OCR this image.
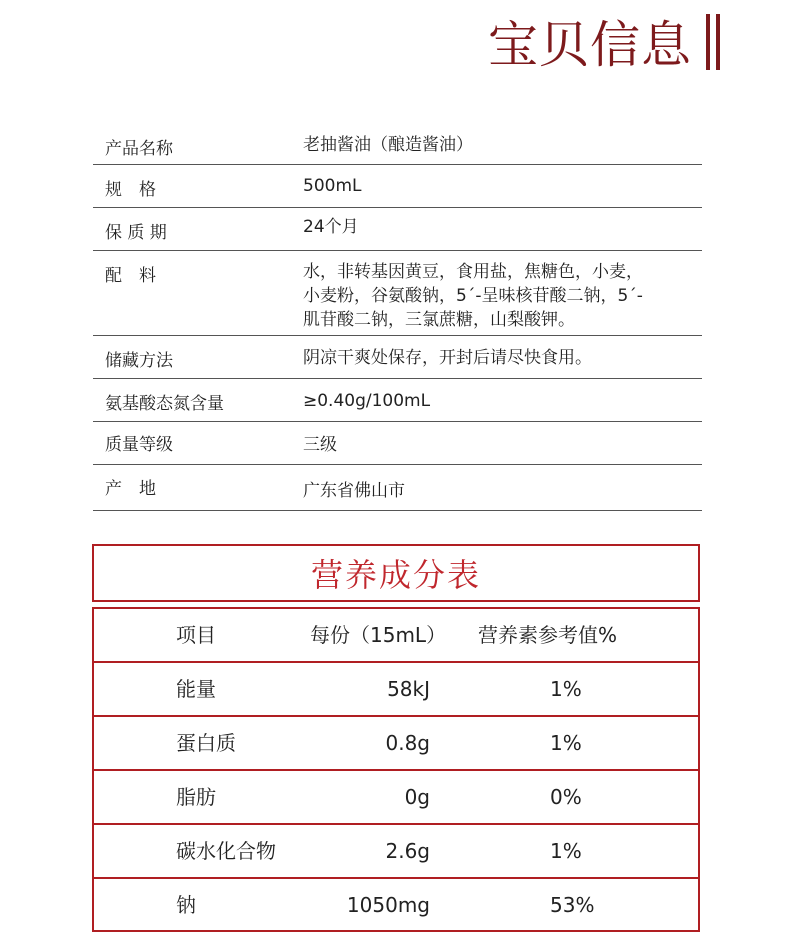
宝贝信息
产品名称	老抽酱油（酿造酱油）
规　格	500mL
保 质 期	24个月
配　料	水，非转基因黄豆，食用盐，焦糖色，小麦，
小麦粉，谷氨酸钠，5´-呈味核苷酸二钠，5´-
肌苷酸二钠，三氯蔗糖，山梨酸钾。
储藏方法	阴凉干爽处保存，开封后请尽快食用。
氨基酸态氮含量	≥0.40g/100mL
质量等级	三级
产　地	广东省佛山市
营养成分表
项目	每份（15mL） 营养素参考值%
能量	58kJ	1%
蛋白质	0.8g	1%
脂肪	0g	0%
碳水化合物	2.6g	1%
钠	1050mg	53%
